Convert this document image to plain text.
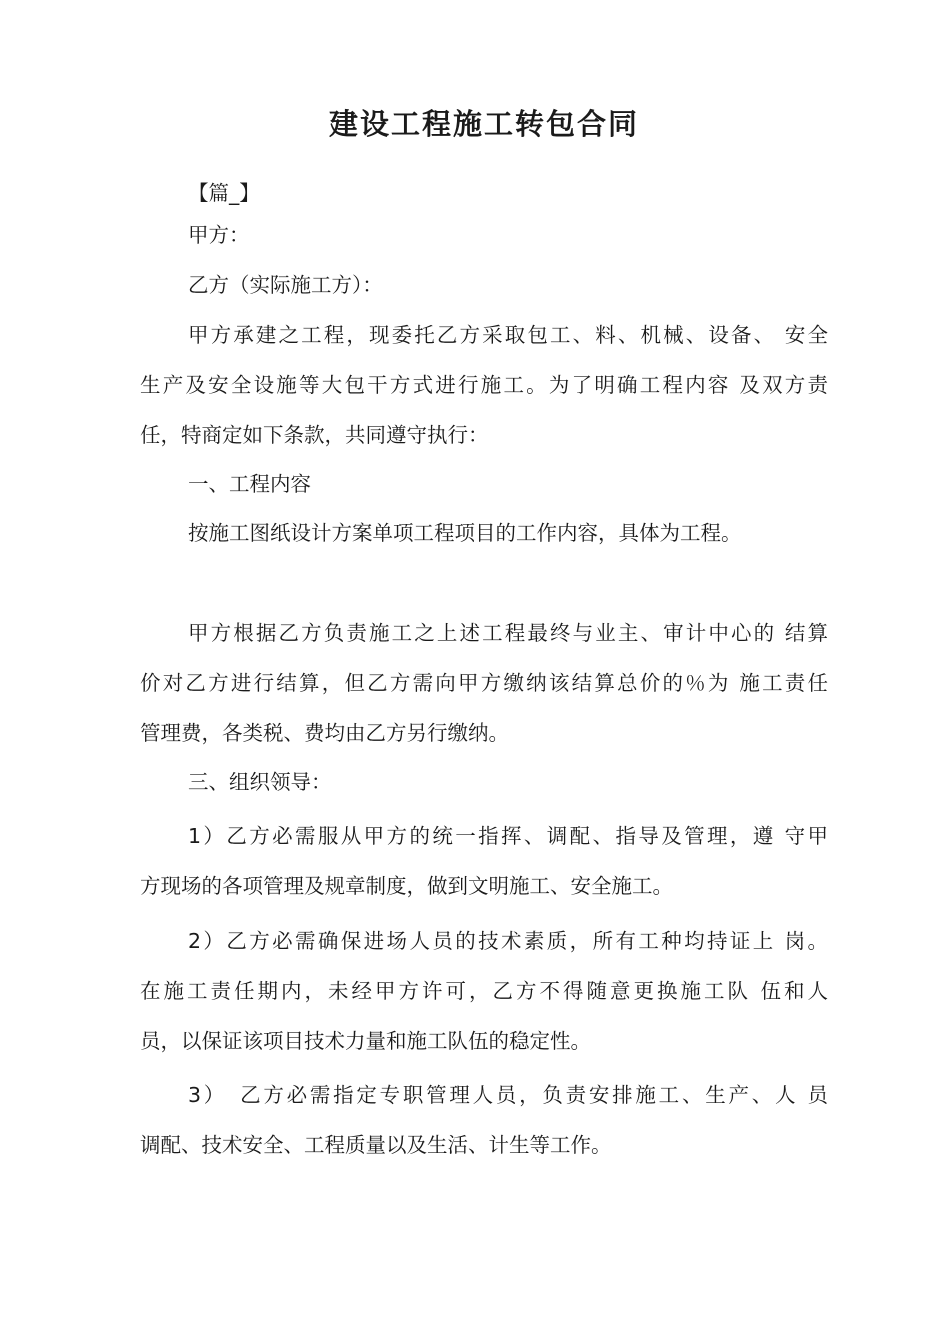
建设工程施工转包合同
【篇_】
甲方：
乙方（实际施工方）：
甲方承建之工程，现委托乙方采取包工、料、机械、设备、 安全
生产及安全设施等大包干方式进行施工。为了明确工程内容 及双方责
任，特商定如下条款，共同遵守执行：
一、工程内容
按施工图纸设计方案单项工程项目的工作内容，具体为工程。
甲方根据乙方负责施工之上述工程最终与业主、审计中心的 结算
价对乙方进行结算，但乙方需向甲方缴纳该结算总价的％为 施工责任
管理费，各类税、费均由乙方另行缴纳。
三、组织领导：
1）乙方必需服从甲方的统一指挥、调配、指导及管理，遵 守甲
方现场的各项管理及规章制度，做到文明施工、安全施工。
2）乙方必需确保进场人员的技术素质，所有工种均持证上 岗。
在施工责任期内，未经甲方许可，乙方不得随意更换施工队 伍和人
员，以保证该项目技术力量和施工队伍的稳定性。
3）　乙方必需指定专职管理人员，负责安排施工、生产、人 员
调配、技术安全、工程质量以及生活、计生等工作。
